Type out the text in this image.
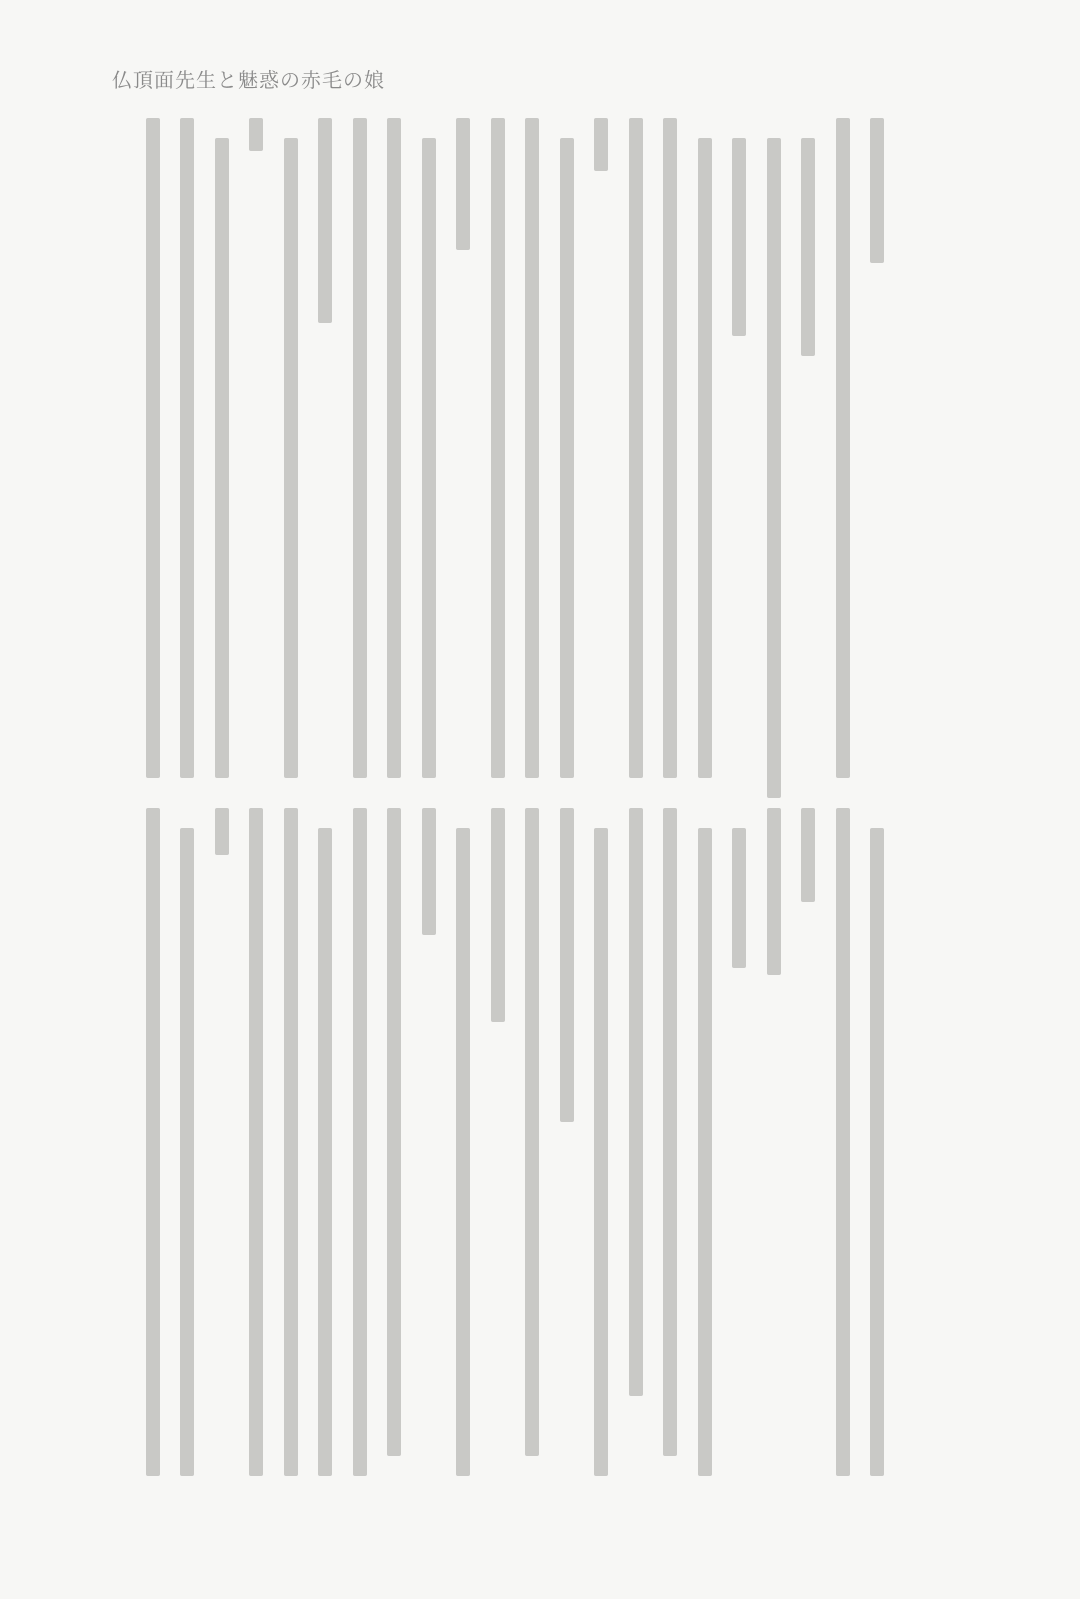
仏頂面先生と魅惑の赤毛の娘
